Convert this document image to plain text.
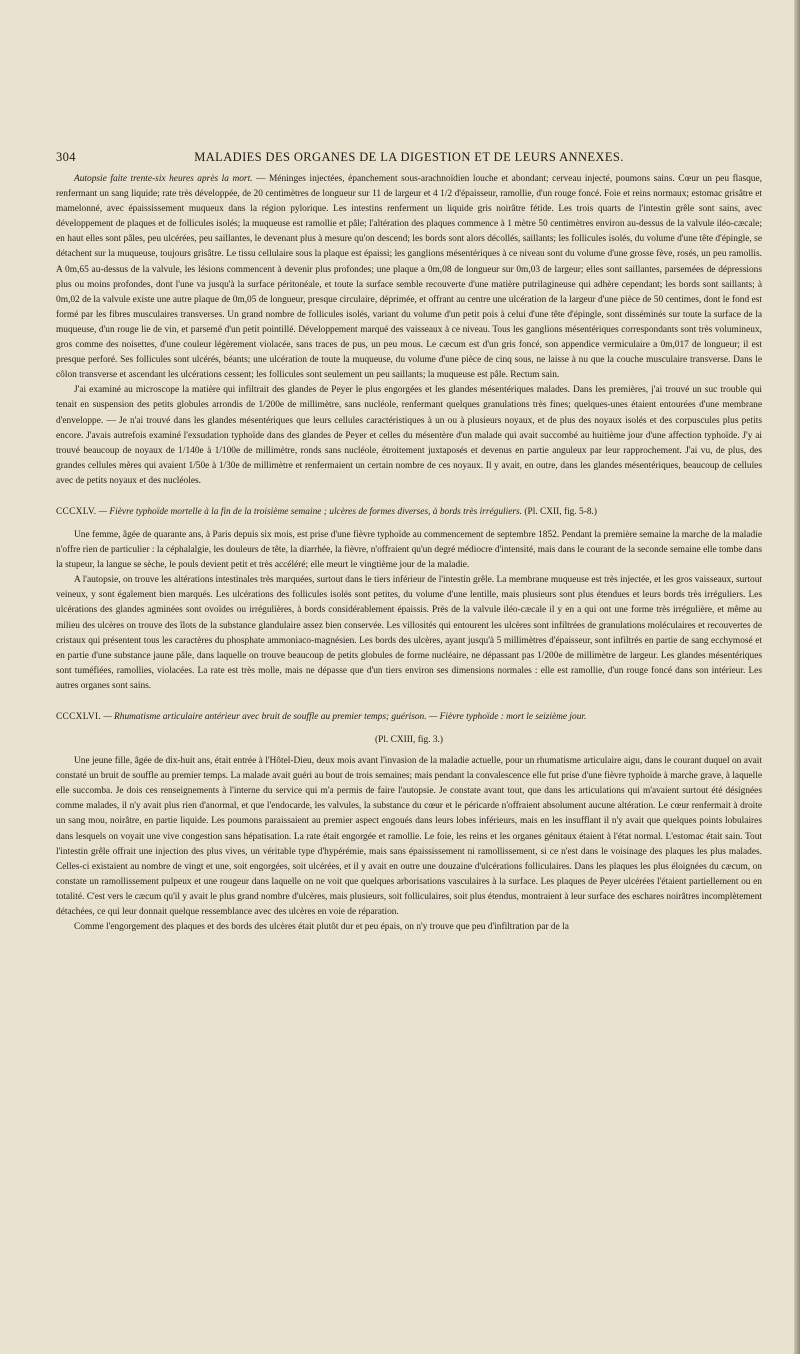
304	MALADIES DES ORGANES DE LA DIGESTION ET DE LEURS ANNEXES.

Autopsie faite trente-six heures après la mort. — Méninges injectées, épanchement sous-arachnoïdien louche et abondant; cerveau injecté, poumons sains. Cœur un peu flasque, renfermant un sang liquide; rate très développée, de 20 centimètres de longueur sur 11 de largeur et 4 1/2 d'épaisseur, ramollie, d'un rouge foncé. Foie et reins normaux; estomac grisâtre et mamelonné, avec épaississement muqueux dans la région pylorique. Les intestins renferment un liquide gris noirâtre fétide. Les trois quarts de l'intestin grêle sont sains, avec développement de plaques et de follicules isolés; la muqueuse est ramollie et pâle; l'altération des plaques commence à 1 mètre 50 centimètres environ au-dessus de la valvule iléo-cæcale; en haut elles sont pâles, peu ulcérées, peu saillantes, le devenant plus à mesure qu'on descend; les bords sont alors décollés, saillants; les follicules isolés, du volume d'une tête d'épingle, se détachent sur la muqueuse, toujours grisâtre. Le tissu cellulaire sous la plaque est épaissi; les ganglions mésentériques à ce niveau sont du volume d'une grosse fève, rosés, un peu ramollis. A 0m,65 au-dessus de la valvule, les lésions commencent à devenir plus profondes; une plaque a 0m,08 de longueur sur 0m,03 de largeur; elles sont saillantes, parsemées de dépressions plus ou moins profondes, dont l'une va jusqu'à la surface péritonéale, et toute la surface semble recouverte d'une matière putrilagineuse qui adhère cependant; les bords sont saillants; à 0m,02 de la valvule existe une autre plaque de 0m,05 de longueur, presque circulaire, déprimée, et offrant au centre une ulcération de la largeur d'une pièce de 50 centimes, dont le fond est formé par les fibres musculaires transverses. Un grand nombre de follicules isolés, variant du volume d'un petit pois à celui d'une tête d'épingle, sont disséminés sur toute la surface de la muqueuse, d'un rouge lie de vin, et parsemé d'un petit pointillé. Développement marqué des vaisseaux à ce niveau. Tous les ganglions mésentériques correspondants sont très volumineux, gros comme des noisettes, d'une couleur légèrement violacée, sans traces de pus, un peu mous. Le cæcum est d'un gris foncé, son appendice vermiculaire a 0m,017 de longueur; il est presque perforé. Ses follicules sont ulcérés, béants; une ulcération de toute la muqueuse, du volume d'une pièce de cinq sous, ne laisse à nu que la couche musculaire transverse. Dans le côlon transverse et ascendant les ulcérations cessent; les follicules sont seulement un peu saillants; la muqueuse est pâle. Rectum sain.

J'ai examiné au microscope la matière qui infiltrait des glandes de Peyer le plus engorgées et les glandes mésentériques malades. Dans les premières, j'ai trouvé un suc trouble qui tenait en suspension des petits globules arrondis de 1/200e de millimètre, sans nucléole, renfermant quelques granulations très fines; quelques-unes étaient entourées d'une membrane d'enveloppe. — Je n'ai trouvé dans les glandes mésentériques que leurs cellules caractéristiques à un ou à plusieurs noyaux, et de plus des noyaux isolés et des corpuscules plus petits encore. J'avais autrefois examiné l'exsudation typhoïde dans des glandes de Peyer et celles du mésentère d'un malade qui avait succombé au huitième jour d'une affection typhoïde. J'y ai trouvé beaucoup de noyaux de 1/140e à 1/100e de millimètre, ronds sans nucléole, étroitement juxtaposés et devenus en partie anguleux par leur rapprochement. J'ai vu, de plus, des grandes cellules mères qui avaient 1/50e à 1/30e de millimètre et renfermaient un certain nombre de ces noyaux. Il y avait, en outre, dans les glandes mésentériques, beaucoup de cellules avec de petits noyaux et des nucléoles.

CCCXLV. — Fièvre typhoïde mortelle à la fin de la troisième semaine ; ulcères de formes diverses, à bords très irréguliers. (Pl. CXII, fig. 5-8.)

Une femme, âgée de quarante ans, à Paris depuis six mois, est prise d'une fièvre typhoïde au commencement de septembre 1852. Pendant la première semaine la marche de la maladie n'offre rien de particulier : la céphalalgie, les douleurs de tête, la diarrhée, la fièvre, n'offraient qu'un degré médiocre d'intensité, mais dans le courant de la seconde semaine elle tombe dans la stupeur, la langue se sèche, le pouls devient petit et très accéléré; elle meurt le vingtième jour de la maladie.

A l'autopsie, on trouve les altérations intestinales très marquées, surtout dans le tiers inférieur de l'intestin grêle. La membrane muqueuse est très injectée, et les gros vaisseaux, surtout veineux, y sont également bien marqués. Les ulcérations des follicules isolés sont petites, du volume d'une lentille, mais plusieurs sont plus étendues et leurs bords très irréguliers. Les ulcérations des glandes agminées sont ovoïdes ou irrégulières, à bords considérablement épaissis. Près de la valvule iléo-cæcale il y en a qui ont une forme très irrégulière, et même au milieu des ulcères on trouve des îlots de la substance glandulaire assez bien conservée. Les villosités qui entourent les ulcères sont infiltrées de granulations moléculaires et recouvertes de cristaux qui présentent tous les caractères du phosphate ammoniaco-magnésien. Les bords des ulcères, ayant jusqu'à 5 millimètres d'épaisseur, sont infiltrés en partie de sang ecchymosé et en partie d'une substance jaune pâle, dans laquelle on trouve beaucoup de petits globules de forme nucléaire, ne dépassant pas 1/200e de millimètre de largeur. Les glandes mésentériques sont tuméfiées, ramollies, violacées. La rate est très molle, mais ne dépasse que d'un tiers environ ses dimensions normales : elle est ramollie, d'un rouge foncé dans son intérieur. Les autres organes sont sains.

CCCXLVI. — Rhumatisme articulaire antérieur avec bruit de souffle au premier temps; guérison. — Fièvre typhoïde : mort le seizième jour.
(Pl. CXIII, fig. 3.)

Une jeune fille, âgée de dix-huit ans, était entrée à l'Hôtel-Dieu, deux mois avant l'invasion de la maladie actuelle, pour un rhumatisme articulaire aigu, dans le courant duquel on avait constaté un bruit de souffle au premier temps. La malade avait guéri au bout de trois semaines; mais pendant la convalescence elle fut prise d'une fièvre typhoïde à marche grave, à laquelle elle succomba. Je dois ces renseignements à l'interne du service qui m'a permis de faire l'autopsie. Je constate avant tout, que dans les articulations qui m'avaient surtout été désignées comme malades, il n'y avait plus rien d'anormal, et que l'endocarde, les valvules, la substance du cœur et le péricarde n'offraient absolument aucune altération. Le cœur renfermait à droite un sang mou, noirâtre, en partie liquide. Les poumons paraissaient au premier aspect engoués dans leurs lobes inférieurs, mais en les insufflant il n'y avait que quelques points lobulaires dans lesquels on voyait une vive congestion sans hépatisation. La rate était engorgée et ramollie. Le foie, les reins et les organes génitaux étaient à l'état normal. L'estomac était sain. Tout l'intestin grêle offrait une injection des plus vives, un véritable type d'hypérémie, mais sans épaississement ni ramollissement, si ce n'est dans le voisinage des plaques les plus malades. Celles-ci existaient au nombre de vingt et une, soit engorgées, soit ulcérées, et il y avait en outre une douzaine d'ulcérations folliculaires. Dans les plaques les plus éloignées du cæcum, on constate un ramollissement pulpeux et une rougeur dans laquelle on ne voit que quelques arborisations vasculaires à la surface. Les plaques de Peyer ulcérées l'étaient partiellement ou en totalité. C'est vers le cæcum qu'il y avait le plus grand nombre d'ulcères, mais plusieurs, soit folliculaires, soit plus étendus, montraient à leur surface des eschares noirâtres incomplètement détachées, ce qui leur donnait quelque ressemblance avec des ulcères en voie de réparation.

Comme l'engorgement des plaques et des bords des ulcères était plutôt dur et peu épais, on n'y trouve que peu d'infiltration par de la
